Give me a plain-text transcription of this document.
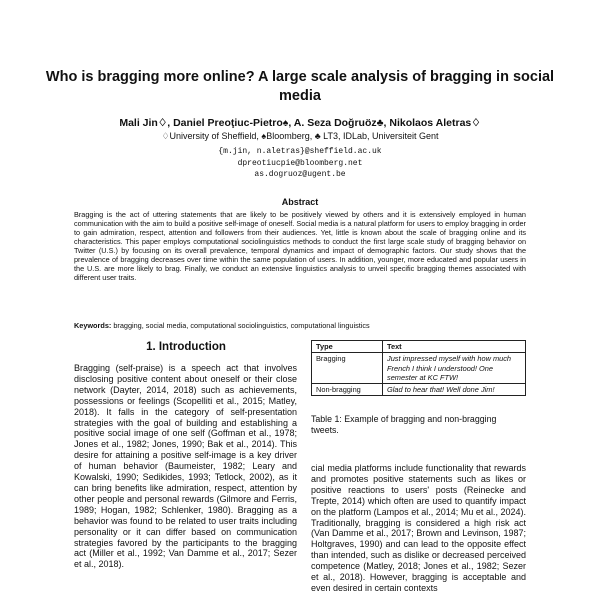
Who is bragging more online? A large scale analysis of bragging in social media
Mali Jin♢, Daniel Preoţiuc-Pietro♠, A. Seza Doğruöz♣, Nikolaos Aletras♢
♢University of Sheffield, ♠Bloomberg, ♣ LT3, IDLab, Universiteit Gent
{m.jin, n.aletras}@sheffield.ac.uk
dpreotiucpie@bloomberg.net
as.dogruoz@ugent.be
Abstract
Bragging is the act of uttering statements that are likely to be positively viewed by others and it is extensively employed in human communication with the aim to build a positive self-image of oneself. Social media is a natural platform for users to employ bragging in order to gain admiration, respect, attention and followers from their audiences. Yet, little is known about the scale of bragging online and its characteristics. This paper employs computational sociolinguistics methods to conduct the first large scale study of bragging behavior on Twitter (U.S.) by focusing on its overall prevalence, temporal dynamics and impact of demographic factors. Our study shows that the prevalence of bragging decreases over time within the same population of users. In addition, younger, more educated and popular users in the U.S. are more likely to brag. Finally, we conduct an extensive linguistics analysis to unveil specific bragging themes associated with different user traits.
Keywords: bragging, social media, computational sociolinguistics, computational linguistics
1. Introduction
Bragging (self-praise) is a speech act that involves disclosing positive content about oneself or their close network (Dayter, 2014, 2018) such as achievements, possessions or feelings (Scopelliti et al., 2015; Matley, 2018). It falls in the category of self-presentation strategies with the goal of building and establishing a positive social image of one self (Goffman et al., 1978; Jones et al., 1982; Jones, 1990; Bak et al., 2014). This desire for attaining a positive self-image is a key driver of human behavior (Baumeister, 1982; Leary and Kowalski, 1990; Sedikides, 1993; Tetlock, 2002), as it can bring benefits like admiration, respect, attention by other people and personal rewards (Gilmore and Ferris, 1989; Hogan, 1982; Schlenker, 1980). Bragging as a behavior was found to be related to user traits including personality or it can differ based on communication strategies favored by the participants to the bragging act (Miller et al., 1992; Van Damme et al., 2017; Sezer et al., 2018).
Type	Text
Bragging	Just impressed myself with how much French I think I understood! One semester at KC FTW!
Non-bragging	Glad to hear that! Well done Jim!
Table 1: Example of bragging and non-bragging tweets.
cial media platforms include functionality that rewards and promotes positive statements such as likes or positive reactions to users' posts (Reinecke and Trepte, 2014) which often are used to quantify impact on the platform (Lampos et al., 2014; Mu et al., 2024). Traditionally, bragging is considered a high risk act (Van Damme et al., 2017; Brown and Levinson, 1987; Holtgraves, 1990) and can lead to the opposite effect than intended, such as dislike or decreased perceived competence (Matley, 2018; Jones et al., 1982; Sezer et al., 2018). However, bragging is acceptable and even desired in certain contexts
